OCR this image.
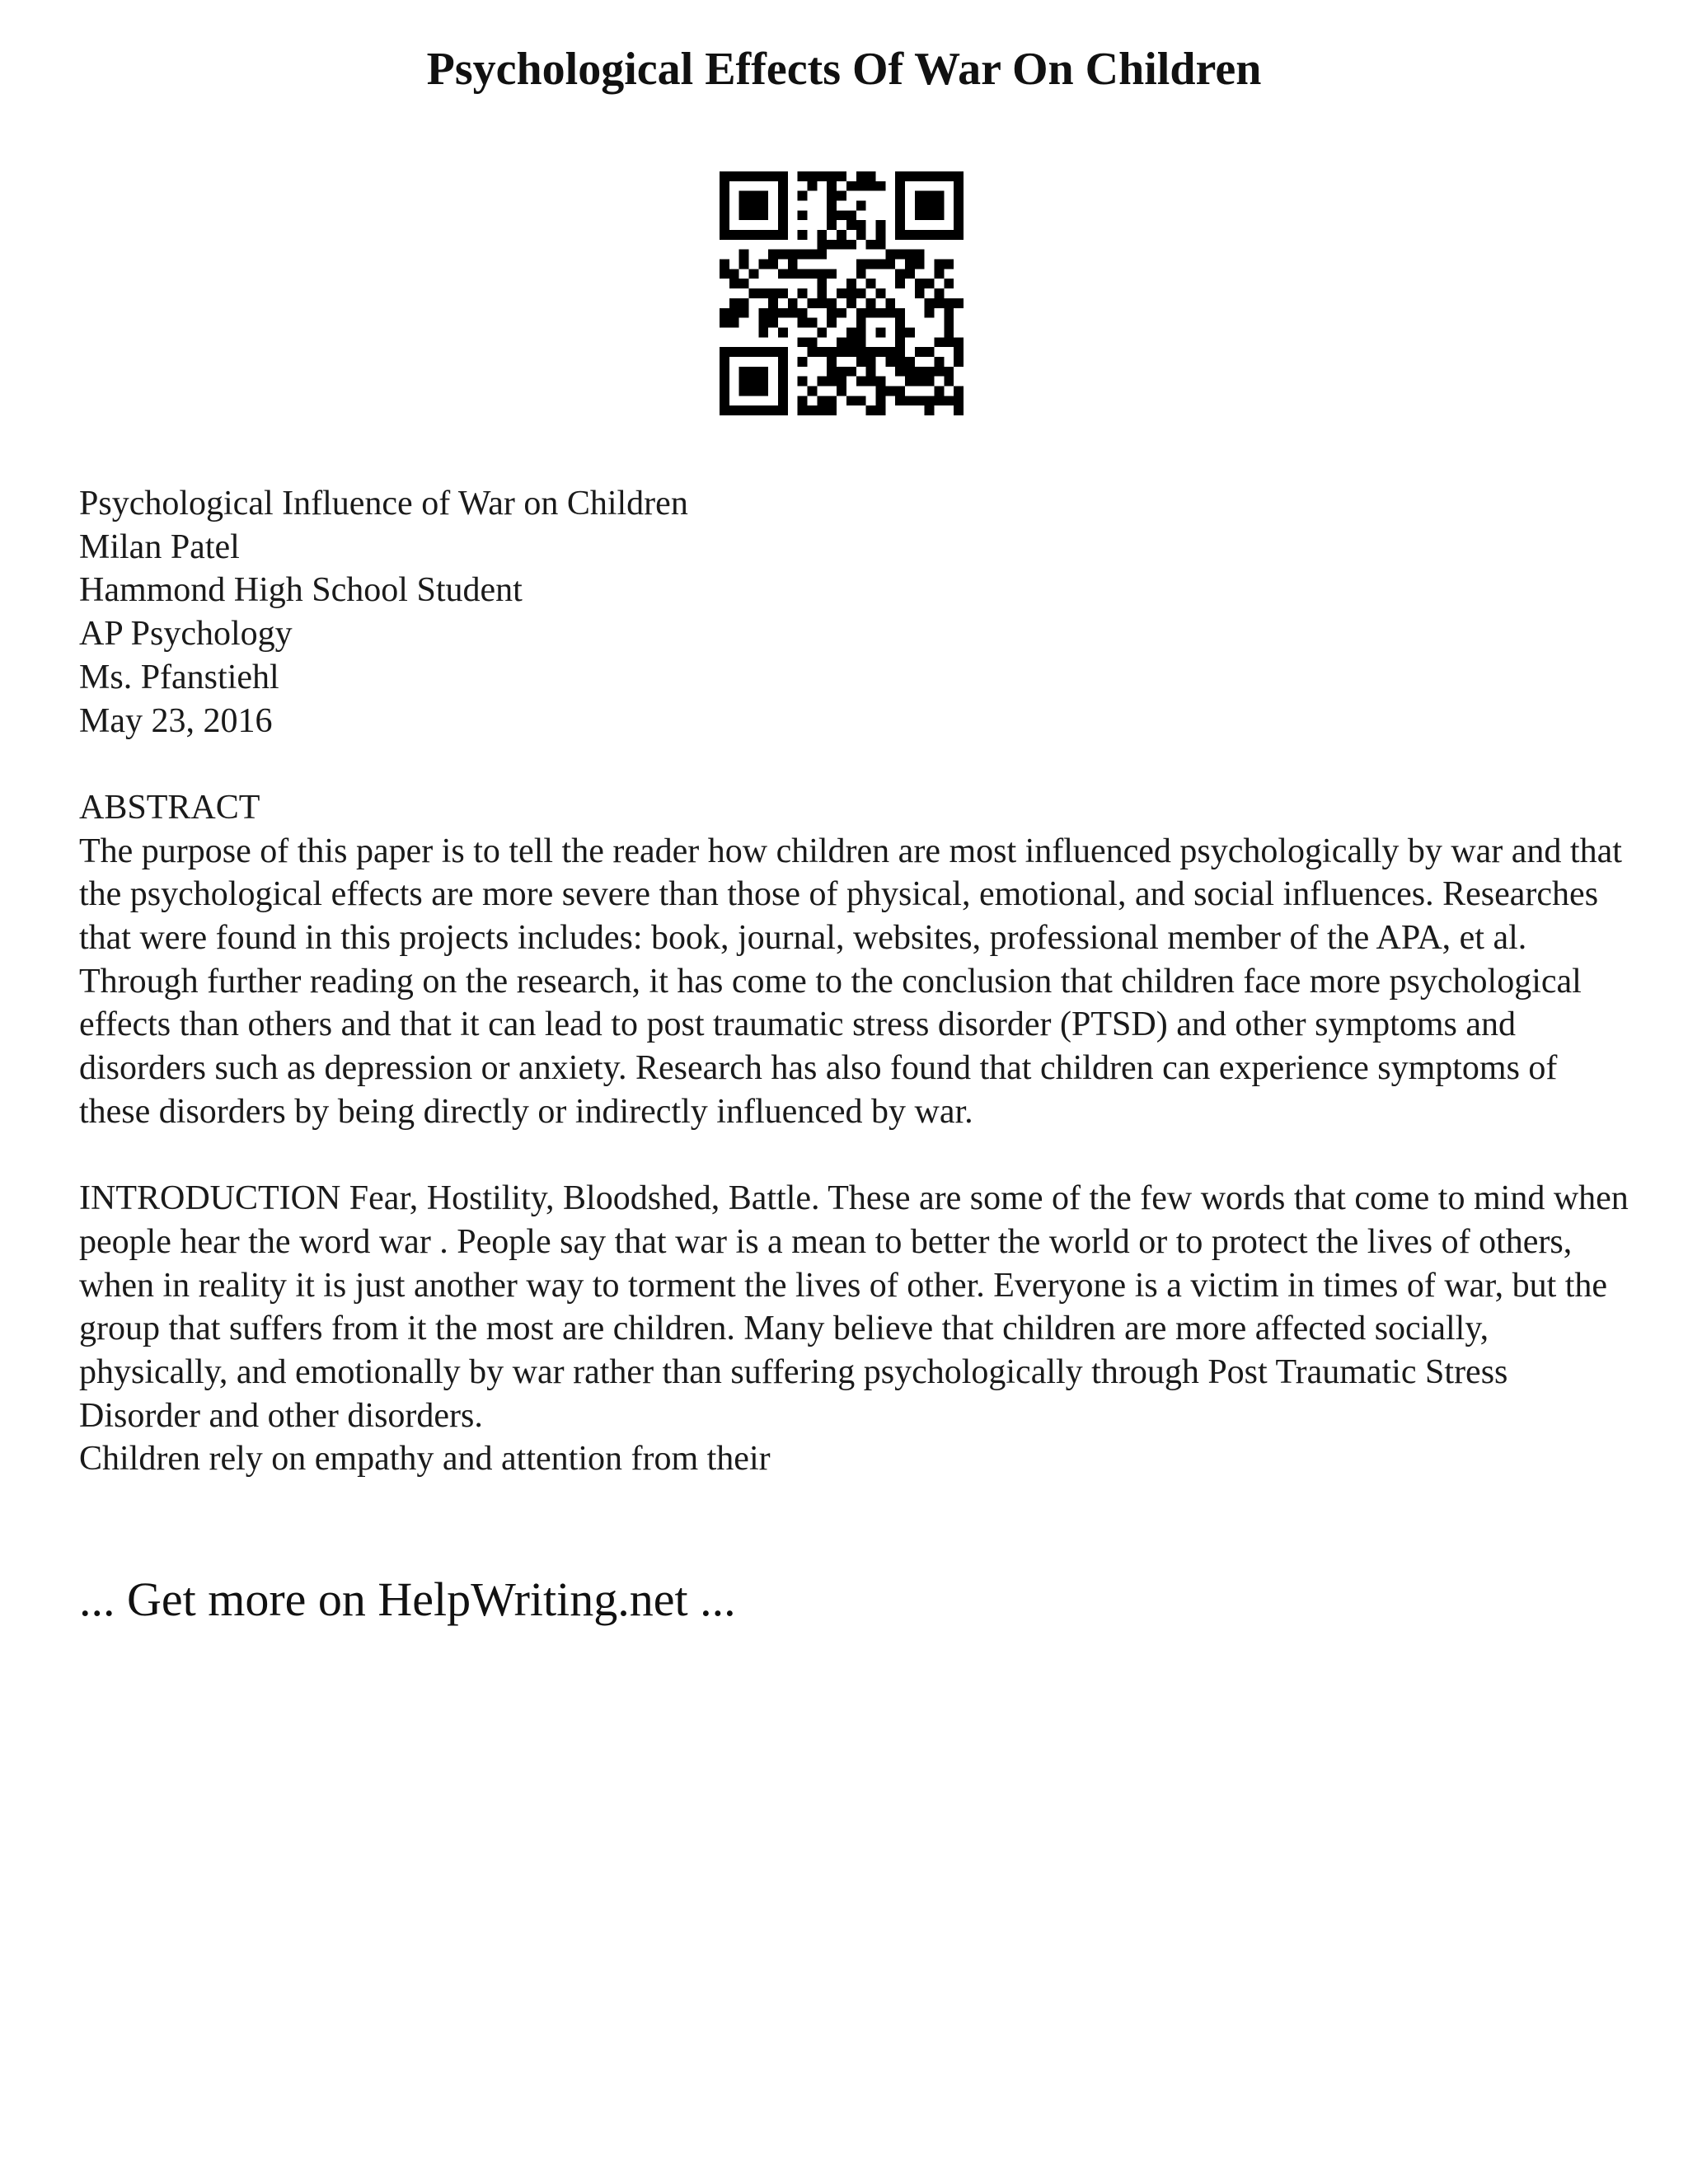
Psychological Effects Of War On Children
Psychological Influence of War on Children
Milan Patel
Hammond High School Student
AP Psychology
Ms. Pfanstiehl
May 23, 2016

ABSTRACT

The purpose of this paper is to tell the reader how children are most influenced psychologically by war and that the psychological effects are more severe than those of physical, emotional, and social influences. Researches that were found in this projects includes: book, journal, websites, professional member of the APA, et al. Through further reading on the research, it has come to the conclusion that children face more psychological effects than others and that it can lead to post traumatic stress disorder (PTSD) and other symptoms and disorders such as depression or anxiety. Research has also found that children can experience symptoms of these disorders by being directly or indirectly influenced by war.

INTRODUCTION Fear, Hostility, Bloodshed, Battle. These are some of the few words that come to mind when people hear the word war . People say that war is a mean to better the world or to protect the lives of others, when in reality it is just another way to torment the lives of other. Everyone is a victim in times of war, but the group that suffers from it the most are children. Many believe that children are more affected socially, physically, and emotionally by war rather than suffering psychologically through Post Traumatic Stress Disorder and other disorders.

Children rely on empathy and attention from their

... Get more on HelpWriting.net ...
